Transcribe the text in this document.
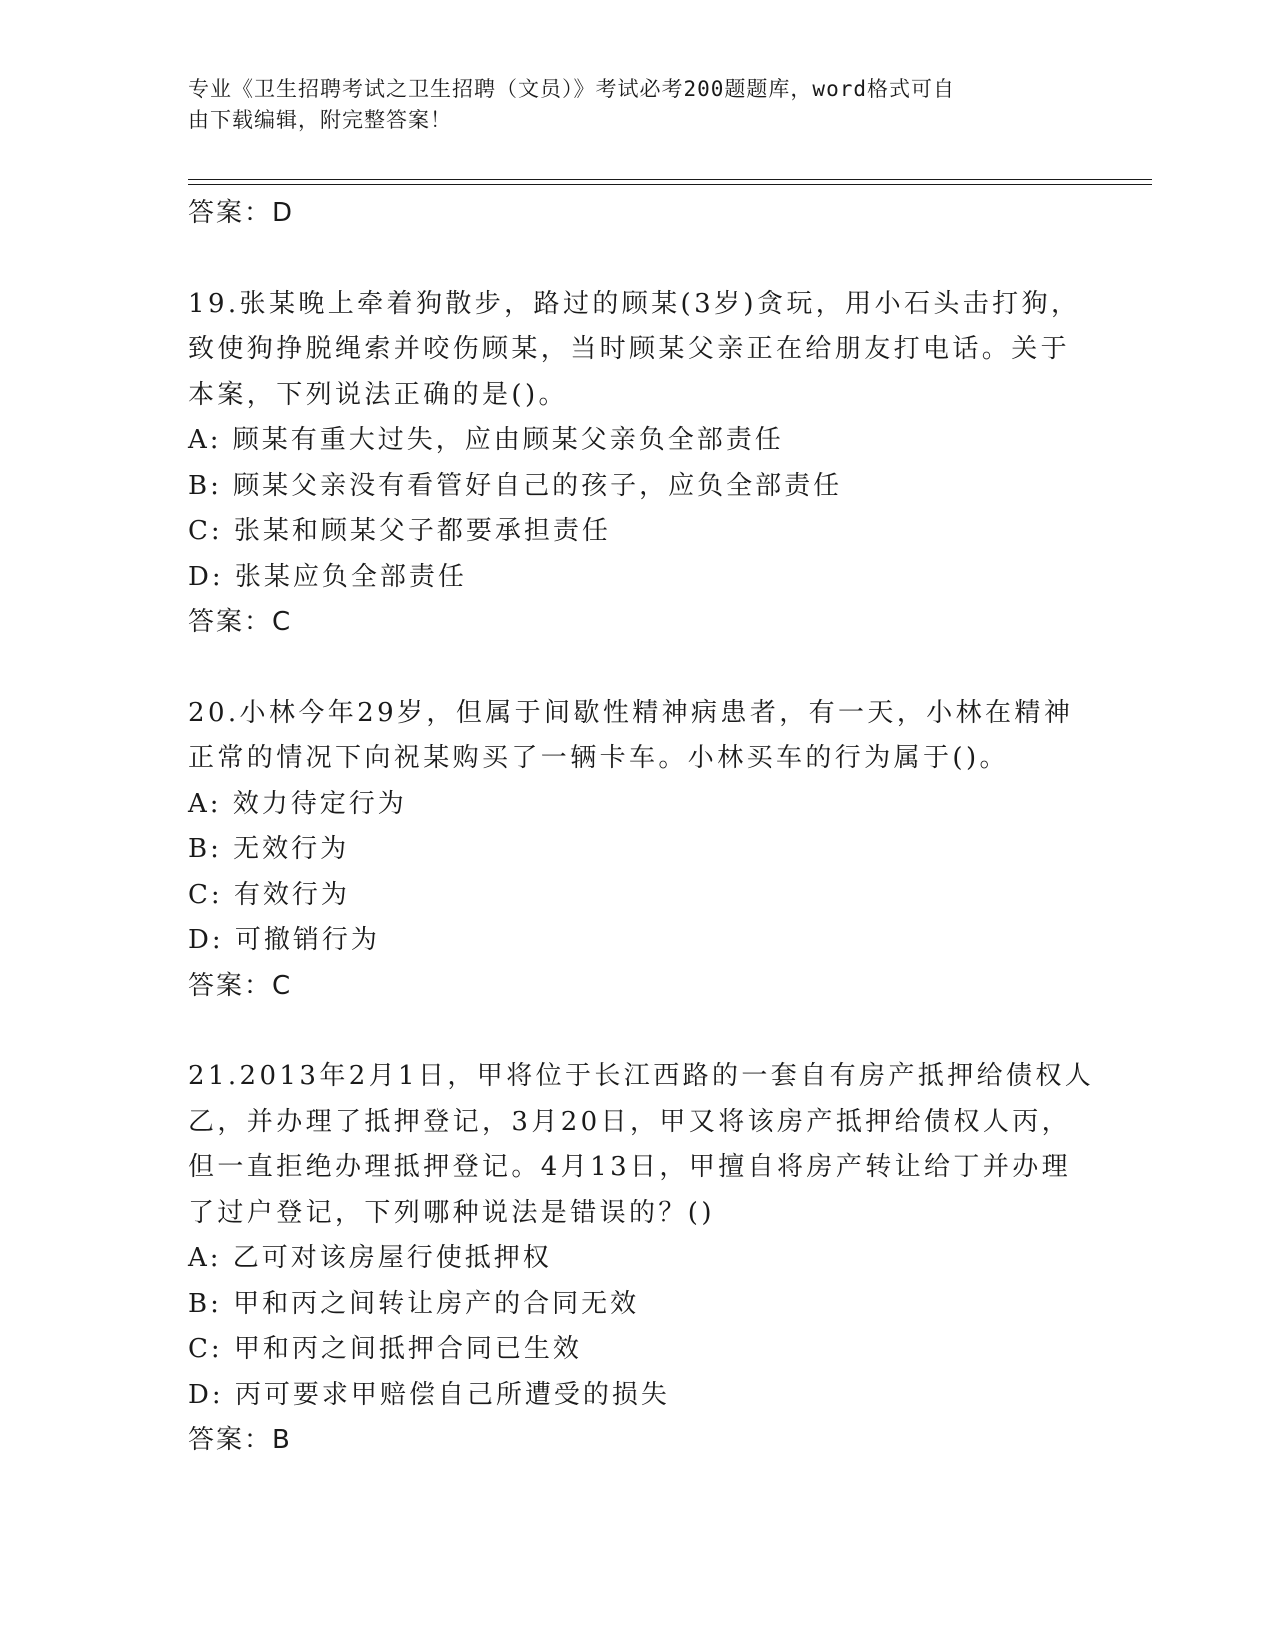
专业《卫生招聘考试之卫生招聘（文员）》考试必考200题题库，word格式可自
由下载编辑，附完整答案！
答案：D
19.张某晚上牵着狗散步，路过的顾某(3岁)贪玩，用小石头击打狗，
致使狗挣脱绳索并咬伤顾某，当时顾某父亲正在给朋友打电话。关于
本案，下列说法正确的是()。
A: 顾某有重大过失，应由顾某父亲负全部责任
B: 顾某父亲没有看管好自己的孩子，应负全部责任
C: 张某和顾某父子都要承担责任
D: 张某应负全部责任
答案：C
20.小林今年29岁，但属于间歇性精神病患者，有一天，小林在精神
正常的情况下向祝某购买了一辆卡车。小林买车的行为属于()。
A: 效力待定行为
B: 无效行为
C: 有效行为
D: 可撤销行为
答案：C
21.2013年2月1日，甲将位于长江西路的一套自有房产抵押给债权人
乙，并办理了抵押登记，3月20日，甲又将该房产抵押给债权人丙，
但一直拒绝办理抵押登记。4月13日，甲擅自将房产转让给丁并办理
了过户登记，下列哪种说法是错误的？()
A: 乙可对该房屋行使抵押权
B: 甲和丙之间转让房产的合同无效
C: 甲和丙之间抵押合同已生效
D: 丙可要求甲赔偿自己所遭受的损失
答案：B
